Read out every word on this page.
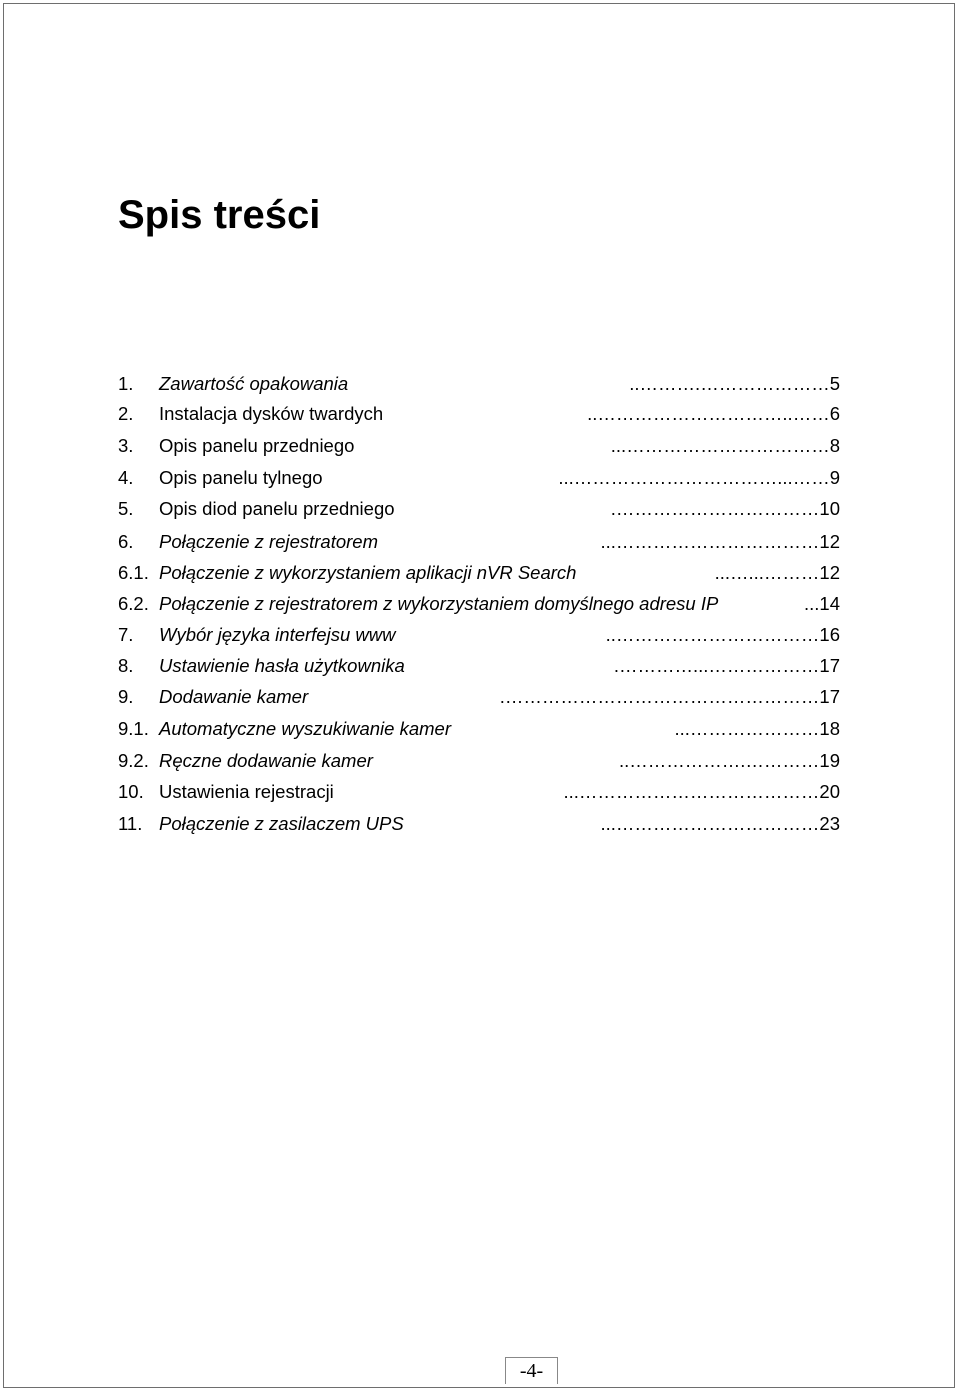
Spis treści
1. Zawartość opakowania	………………….……….. 5
2. Instalacja dysków twardych	……..………………………….. 6
3. Opis panelu przedniego	……………………………... 8
4. Opis panelu tylnego	……...……………………………... 9
5. Opis diod panelu przedniego	……………………………. 10
6. Połączenie z rejestratorem	……………………………... 12
6.1. Połączenie z wykorzystaniem aplikacji nVR Search	………...…... 12
6.2. Połączenie z rejestratorem z wykorzystaniem domyślnego adresu IP	... 14
7. Wybór języka interfejsu www	…………………………….. 16
8. Ustawienie hasła użytkownika	………………...…………. 17
9. Dodawanie kamer	……………………………………………. 17
9.1. Automatyczne wyszukiwanie kamer	…………………... 18
9.2. Ręczne dodawanie kamer	………….……………….. 19
10. Ustawienia rejestracji	…………………………………... 20
11. Połączenie z zasilaczem UPS	……………………………... 23
-4-
